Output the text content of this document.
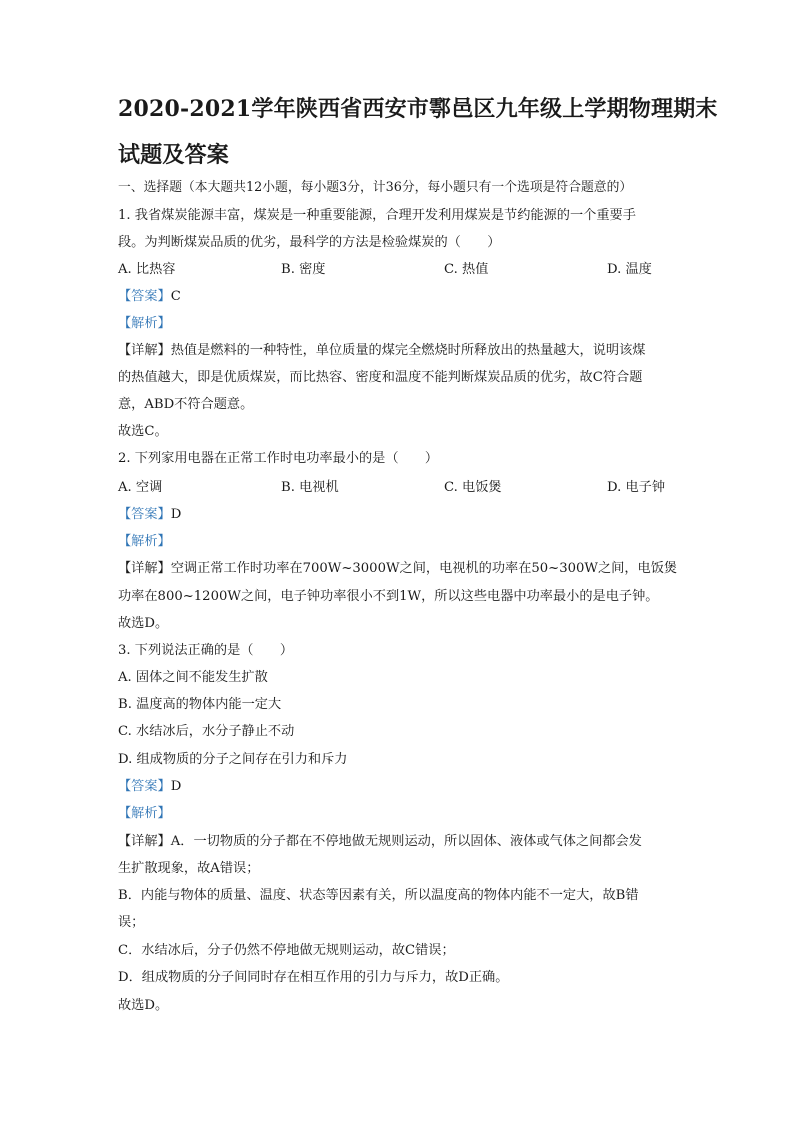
2020-2021学年陕西省西安市鄠邑区九年级上学期物理期末
试题及答案
一、选择题（本大题共12小题，每小题3分，计36分，每小题只有一个选项是符合题意的）
1. 我省煤炭能源丰富，煤炭是一种重要能源，合理开发利用煤炭是节约能源的一个重要手
段。为判断煤炭品质的优劣，最科学的方法是检验煤炭的（　　）
A. 比热容	B. 密度	C. 热值	D. 温度
【答案】C
【解析】
【详解】热值是燃料的一种特性，单位质量的煤完全燃烧时所释放出的热量越大，说明该煤
的热值越大，即是优质煤炭，而比热容、密度和温度不能判断煤炭品质的优劣，故C符合题
意，ABD不符合题意。
故选C。
2. 下列家用电器在正常工作时电功率最小的是（　　）
A. 空调	B. 电视机	C. 电饭煲	D. 电子钟
【答案】D
【解析】
【详解】空调正常工作时功率在700W~3000W之间，电视机的功率在50~300W之间，电饭煲
功率在800~1200W之间，电子钟功率很小不到1W，所以这些电器中功率最小的是电子钟。
故选D。
3. 下列说法正确的是（　　）
A. 固体之间不能发生扩散
B. 温度高的物体内能一定大
C. 水结冰后，水分子静止不动
D. 组成物质的分子之间存在引力和斥力
【答案】D
【解析】
【详解】A．一切物质的分子都在不停地做无规则运动，所以固体、液体或气体之间都会发
生扩散现象，故A错误；
B．内能与物体的质量、温度、状态等因素有关，所以温度高的物体内能不一定大，故B错
误；
C．水结冰后，分子仍然不停地做无规则运动，故C错误；
D．组成物质的分子间同时存在相互作用的引力与斥力，故D正确。
故选D。
